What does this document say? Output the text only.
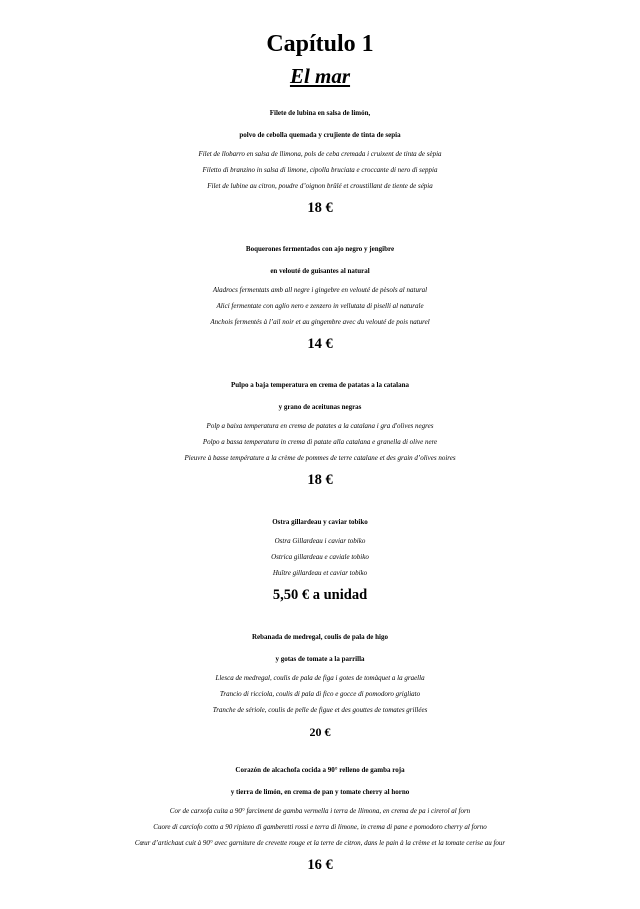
Capítulo 1
El mar
Filete de lubina en salsa de limón,
polvo de cebolla quemada y crujiente de tinta de sepia
Filet de llobarro en salsa de llimona, pols de ceba cremada i cruixent de tinta de sèpia
Filetto di branzino in salsa di limone, cipolla bruciata e croccante di nero di seppia
Filet de lubine au citron, poudre d’oignon brûlé et croustillant de tiente de sépia
18 €
Boquerones fermentados con ajo negro y jengibre
en velouté de guisantes al natural
Aladrocs fermentats amb all negre i gingebre en velouté de pèsols al natural
Alici fermentate con aglio nero e zenzero in vellutata di piselli al naturale
Anchois fermentés à l’ail noir et au gingembre avec du velouté de pois naturel
14 €
Pulpo a baja temperatura en crema de patatas a la catalana
y grano de aceitunas negras
Polp a baixa temperatura en crema de patates a la catalana i gra d'olives negres
Polpo a bassa temperatura in crema di patate alla catalana e granella di olive nere
Pieuvre à basse température a la crème de pommes de terre catalane et des grain d’olives noires
18 €
Ostra gillardeau y caviar tobiko
Ostra Gillardeau i caviar tobiko
Ostrica gillardeau e caviale tobiko
Huître gillardeau et caviar tobiko
5,50 € a unidad
Rebanada de medregal, coulis de pala de higo
y gotas de tomate a la parrilla
Llesca de medregal, coulis de pala de figa i gotes de tomàquet a la graella
Trancio di ricciola, coulis di pala di fico e gocce di pomodoro grigliato
Tranche de sériole, coulis de pelle de figue et des gouttes de tomates grillées
20 €
Corazón de alcachofa cocida a 90° relleno de gamba roja
y tierra de limón, en crema de pan y tomate cherry al horno
Cor de carxofa cuita a 90° farciment de gamba vermella i terra de llimona, en crema de pa i cirerol al forn
Cuore di carciofo cotto a 90 ripieno di gamberetti rossi e terra di limone, in crema di pane e pomodoro cherry al forno
Cœur d’artichaut cuit à 90° avec garniture de crevette rouge et la terre de citron, dans le pain à la crème et la tomate cerise au four
16 €
